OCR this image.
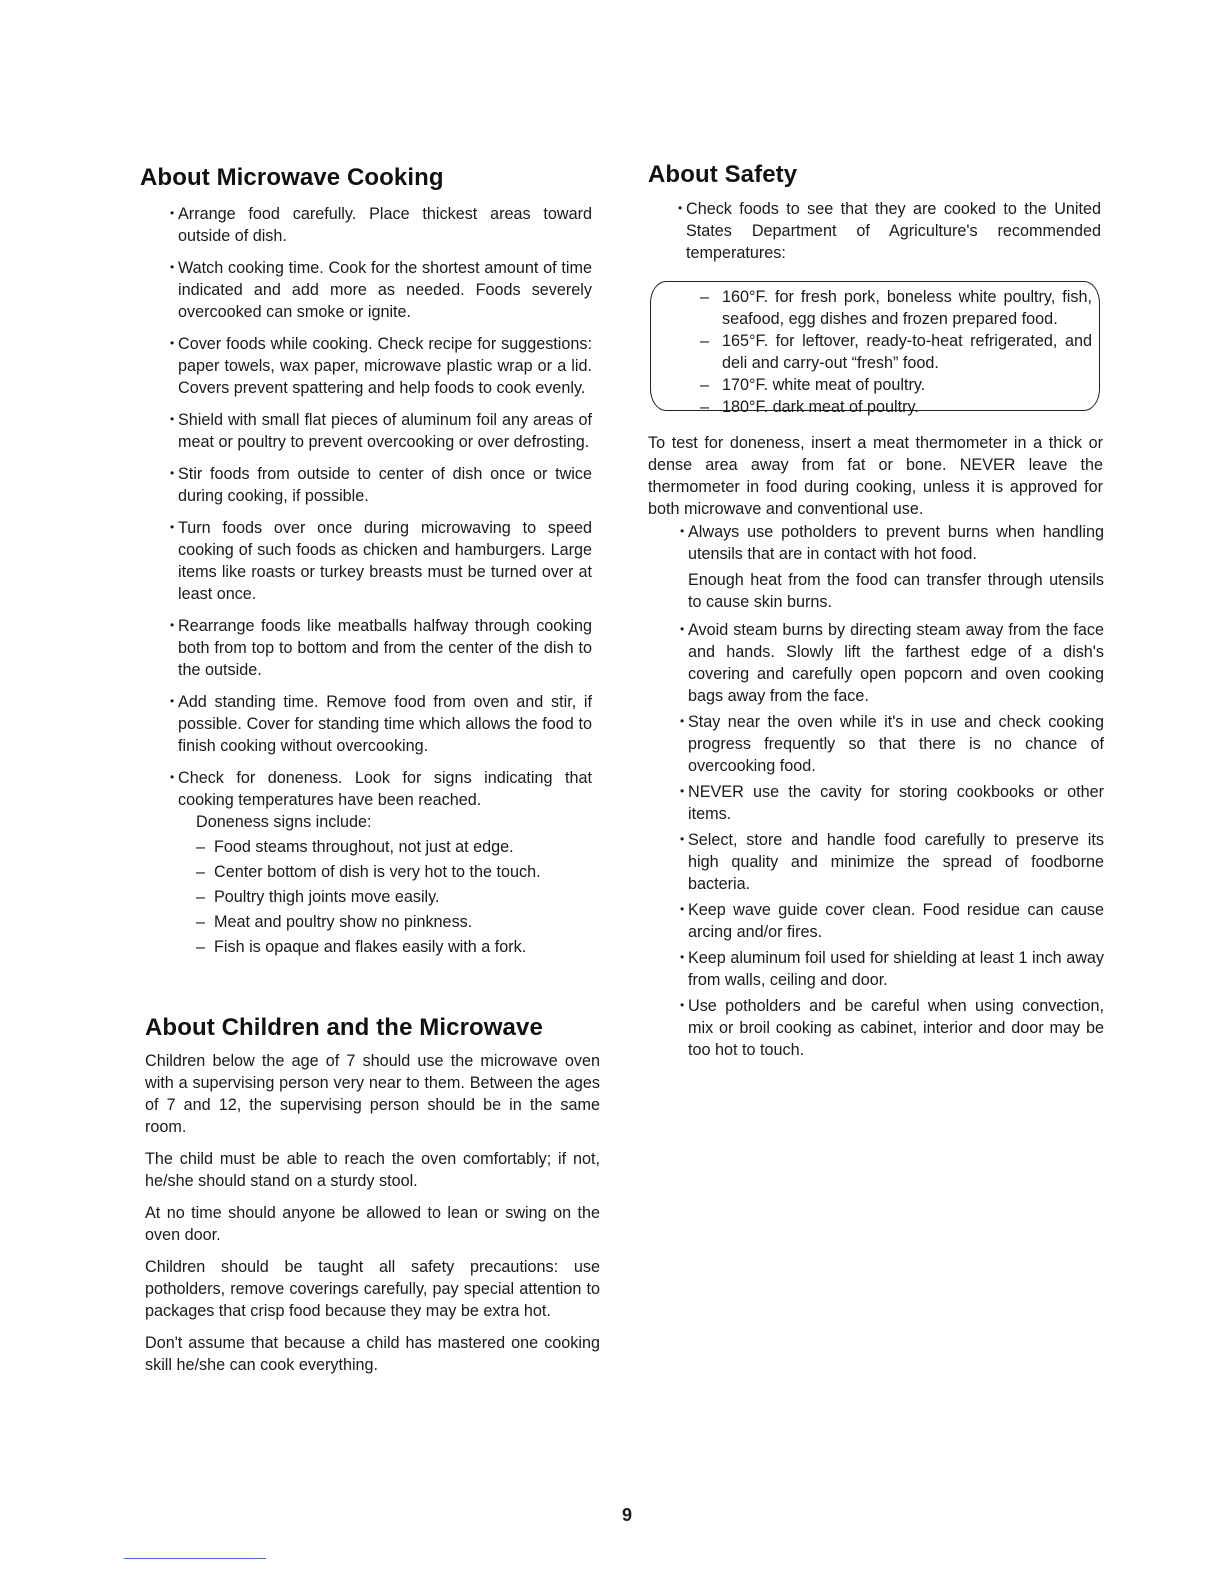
About Microwave Cooking
• Arrange food carefully. Place thickest areas toward outside of dish.
• Watch cooking time. Cook for the shortest amount of time indicated and add more as needed. Foods severely overcooked can smoke or ignite.
• Cover foods while cooking. Check recipe for suggestions: paper towels, wax paper, microwave plastic wrap or a lid. Covers prevent spattering and help foods to cook evenly.
• Shield with small flat pieces of aluminum foil any areas of meat or poultry to prevent overcooking or over defrosting.
• Stir foods from outside to center of dish once or twice during cooking, if possible.
• Turn foods over once during microwaving to speed cooking of such foods as chicken and hamburgers. Large items like roasts or turkey breasts must be turned over at least once.
• Rearrange foods like meatballs halfway through cooking both from top to bottom and from the center of the dish to the outside.
• Add standing time. Remove food from oven and stir, if possible. Cover for standing time which allows the food to finish cooking without overcooking.
• Check for doneness. Look for signs indicating that cooking temperatures have been reached.
Doneness signs include:
– Food steams throughout, not just at edge.
– Center bottom of dish is very hot to the touch.
– Poultry thigh joints move easily.
– Meat and poultry show no pinkness.
– Fish is opaque and flakes easily with a fork.
About Children and the Microwave

Children below the age of 7 should use the microwave oven with a supervising person very near to them. Between the ages of 7 and 12, the supervising person should be in the same room.

The child must be able to reach the oven comfortably; if not, he/she should stand on a sturdy stool.

At no time should anyone be allowed to lean or swing on the oven door.

Children should be taught all safety precautions: use potholders, remove coverings carefully, pay special attention to packages that crisp food because they may be extra hot.

Don't assume that because a child has mastered one cooking skill he/she can cook everything.

About Safety
• Check foods to see that they are cooked to the United States Department of Agriculture's recommended temperatures:
– 160°F. for fresh pork, boneless white poultry, fish, seafood, egg dishes and frozen prepared food.
– 165°F. for leftover, ready-to-heat refrigerated, and deli and carry-out “fresh” food.
– 170°F. white meat of poultry.
– 180°F. dark meat of poultry.

To test for doneness, insert a meat thermometer in a thick or dense area away from fat or bone. NEVER leave the thermometer in food during cooking, unless it is approved for both microwave and conventional use.

• Always use potholders to prevent burns when handling utensils that are in contact with hot food.
Enough heat from the food can transfer through utensils to cause skin burns.
• Avoid steam burns by directing steam away from the face and hands. Slowly lift the farthest edge of a dish's covering and carefully open popcorn and oven cooking bags away from the face.
• Stay near the oven while it's in use and check cooking progress frequently so that there is no chance of overcooking food.
• NEVER use the cavity for storing cookbooks or other items.
• Select, store and handle food carefully to preserve its high quality and minimize the spread of foodborne bacteria.
• Keep wave guide cover clean. Food residue can cause arcing and/or fires.
• Keep aluminum foil used for shielding at least 1 inch away from walls, ceiling and door.
• Use potholders and be careful when using convection, mix or broil cooking as cabinet, interior and door may be too hot to touch.
9
